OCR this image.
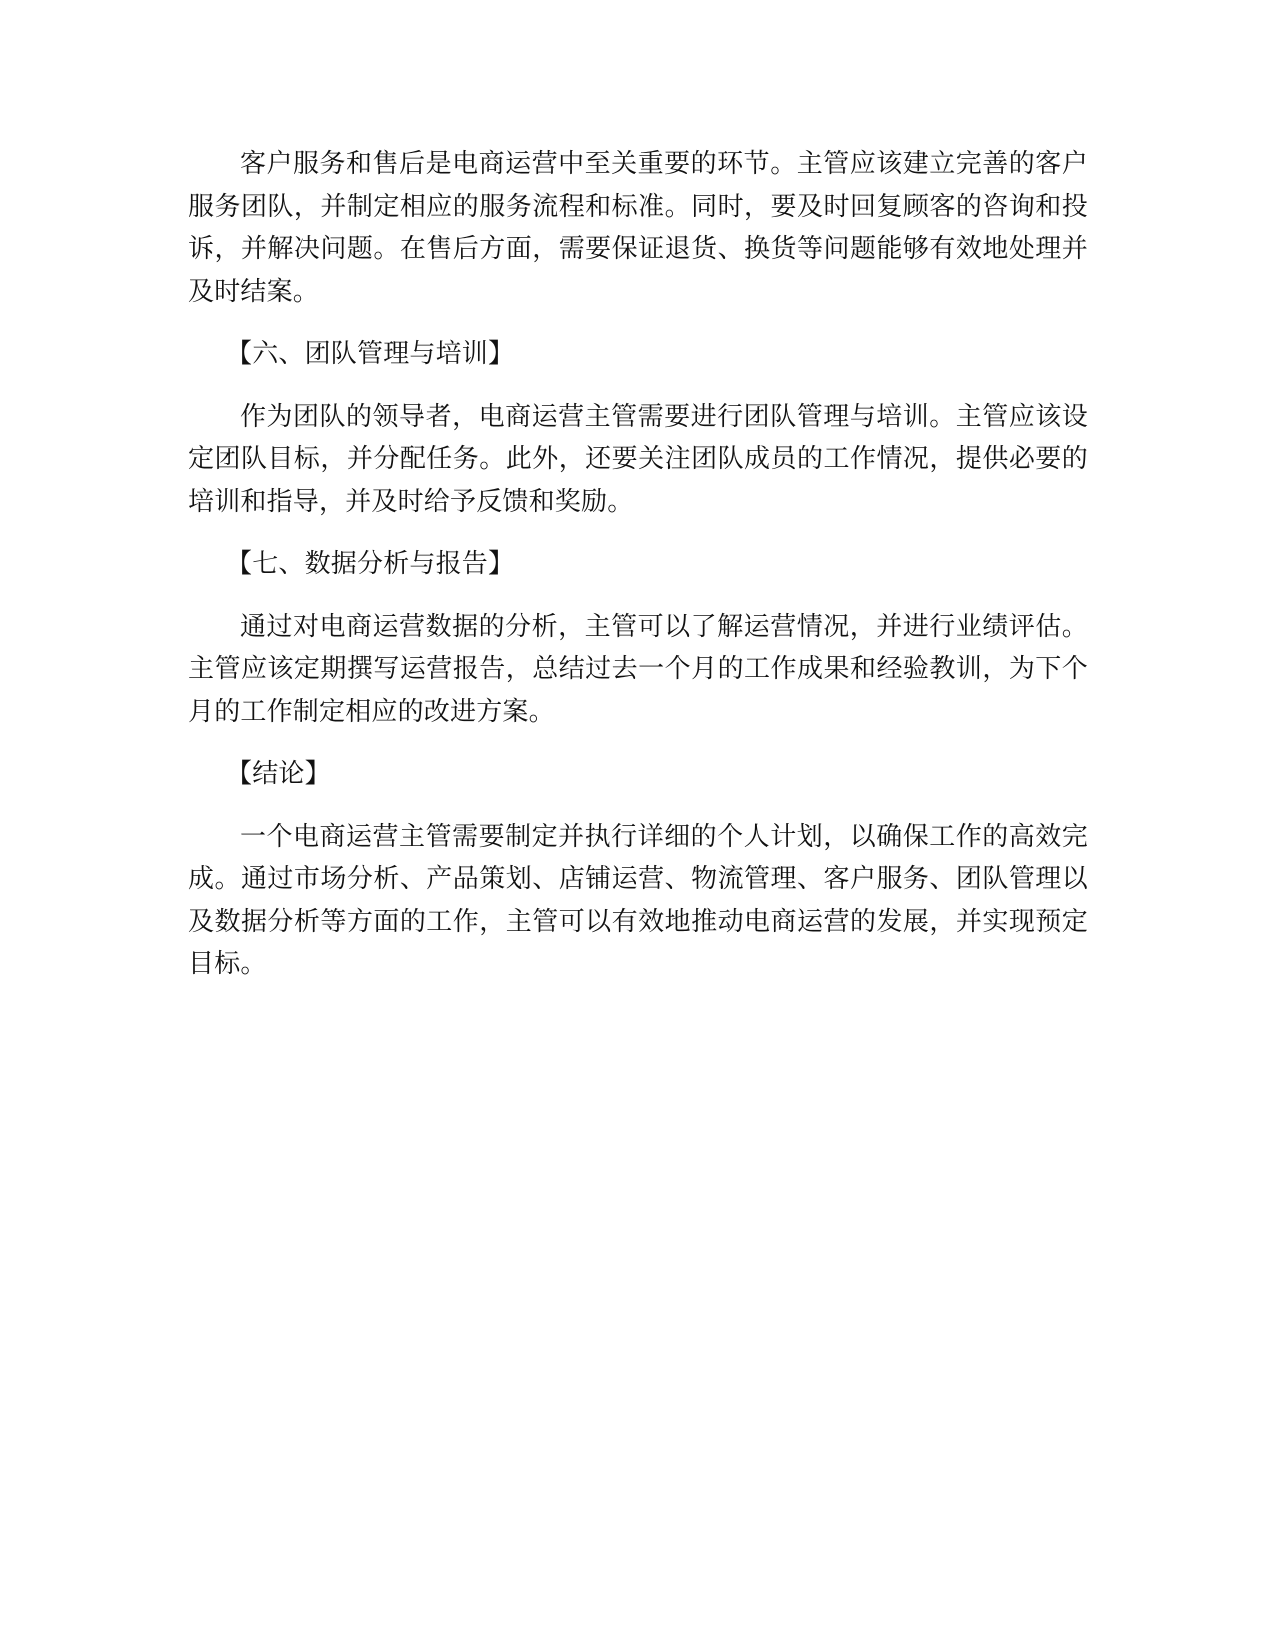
客户服务和售后是电商运营中至关重要的环节。主管应该建立完善的客户服务团队，并制定相应的服务流程和标准。同时，要及时回复顾客的咨询和投诉，并解决问题。在售后方面，需要保证退货、换货等问题能够有效地处理并及时结案。

【六、团队管理与培训】

作为团队的领导者，电商运营主管需要进行团队管理与培训。主管应该设定团队目标，并分配任务。此外，还要关注团队成员的工作情况，提供必要的培训和指导，并及时给予反馈和奖励。

【七、数据分析与报告】

通过对电商运营数据的分析，主管可以了解运营情况，并进行业绩评估。主管应该定期撰写运营报告，总结过去一个月的工作成果和经验教训，为下个月的工作制定相应的改进方案。

【结论】

一个电商运营主管需要制定并执行详细的个人计划，以确保工作的高效完成。通过市场分析、产品策划、店铺运营、物流管理、客户服务、团队管理以及数据分析等方面的工作，主管可以有效地推动电商运营的发展，并实现预定目标。
